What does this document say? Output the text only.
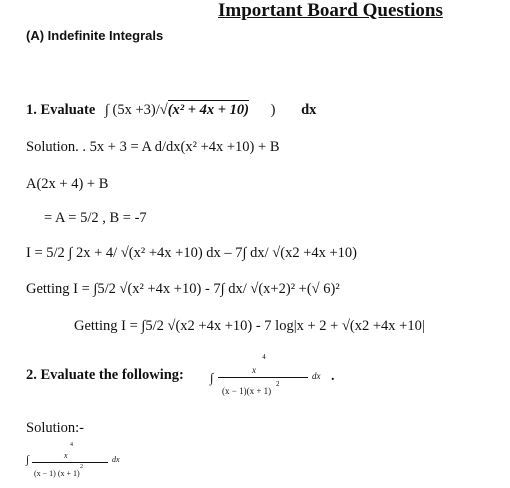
Important Board Questions
(A) Indefinite Integrals
1. Evaluate ∫ (5x +3)/√(x² + 4x + 10) ) dx
Solution. . 5x + 3 = A d/dx(x² +4x +10) + B
A(2x + 4) + B
= A = 5/2 , B = -7
I = 5/2 ∫ 2x + 4/ √(x² +4x +10) dx – 7∫ dx/ √(x2 +4x +10)
Getting I = ∫5/2 √(x² +4x +10) - 7∫ dx/ √(x+2)² +(√ 6)²
Getting I = ∫5/2 √(x2 +4x +10) - 7 log|x + 2 + √(x2 +4x +10|
2. Evaluate the following: ∫
$^4$
x
(x − 1)(x + 1)
2
dx .
Solution:-
∫
$^4$

x
(x − 1) (x + 1)
2
dx
